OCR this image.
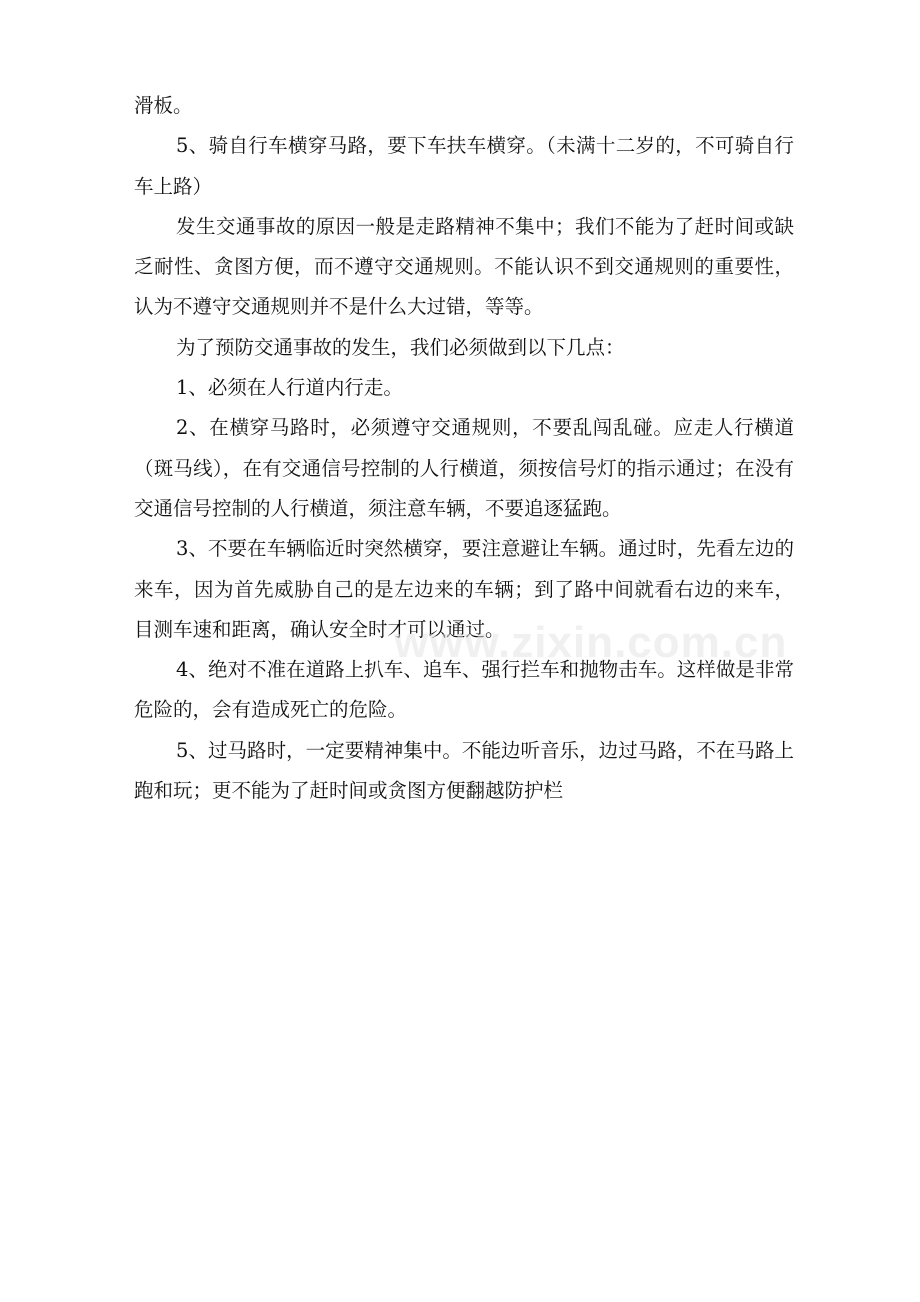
滑板。

5、骑自行车横穿马路，要下车扶车横穿。（未满十二岁的，不可骑自行车上路）

发生交通事故的原因一般是走路精神不集中；我们不能为了赶时间或缺乏耐性、贪图方便，而不遵守交通规则。不能认识不到交通规则的重要性，认为不遵守交通规则并不是什么大过错，等等。

为了预防交通事故的发生，我们必须做到以下几点：

1、必须在人行道内行走。

2、在横穿马路时，必须遵守交通规则，不要乱闯乱碰。应走人行横道（斑马线），在有交通信号控制的人行横道，须按信号灯的指示通过；在没有交通信号控制的人行横道，须注意车辆，不要追逐猛跑。

3、不要在车辆临近时突然横穿，要注意避让车辆。通过时，先看左边的来车，因为首先威胁自己的是左边来的车辆；到了路中间就看右边的来车，目测车速和距离，确认安全时才可以通过。

4、绝对不准在道路上扒车、追车、强行拦车和抛物击车。这样做是非常危险的，会有造成死亡的危险。

5、过马路时，一定要精神集中。不能边听音乐，边过马路，不在马路上跑和玩；更不能为了赶时间或贪图方便翻越防护栏

www.zixin.com.cn
